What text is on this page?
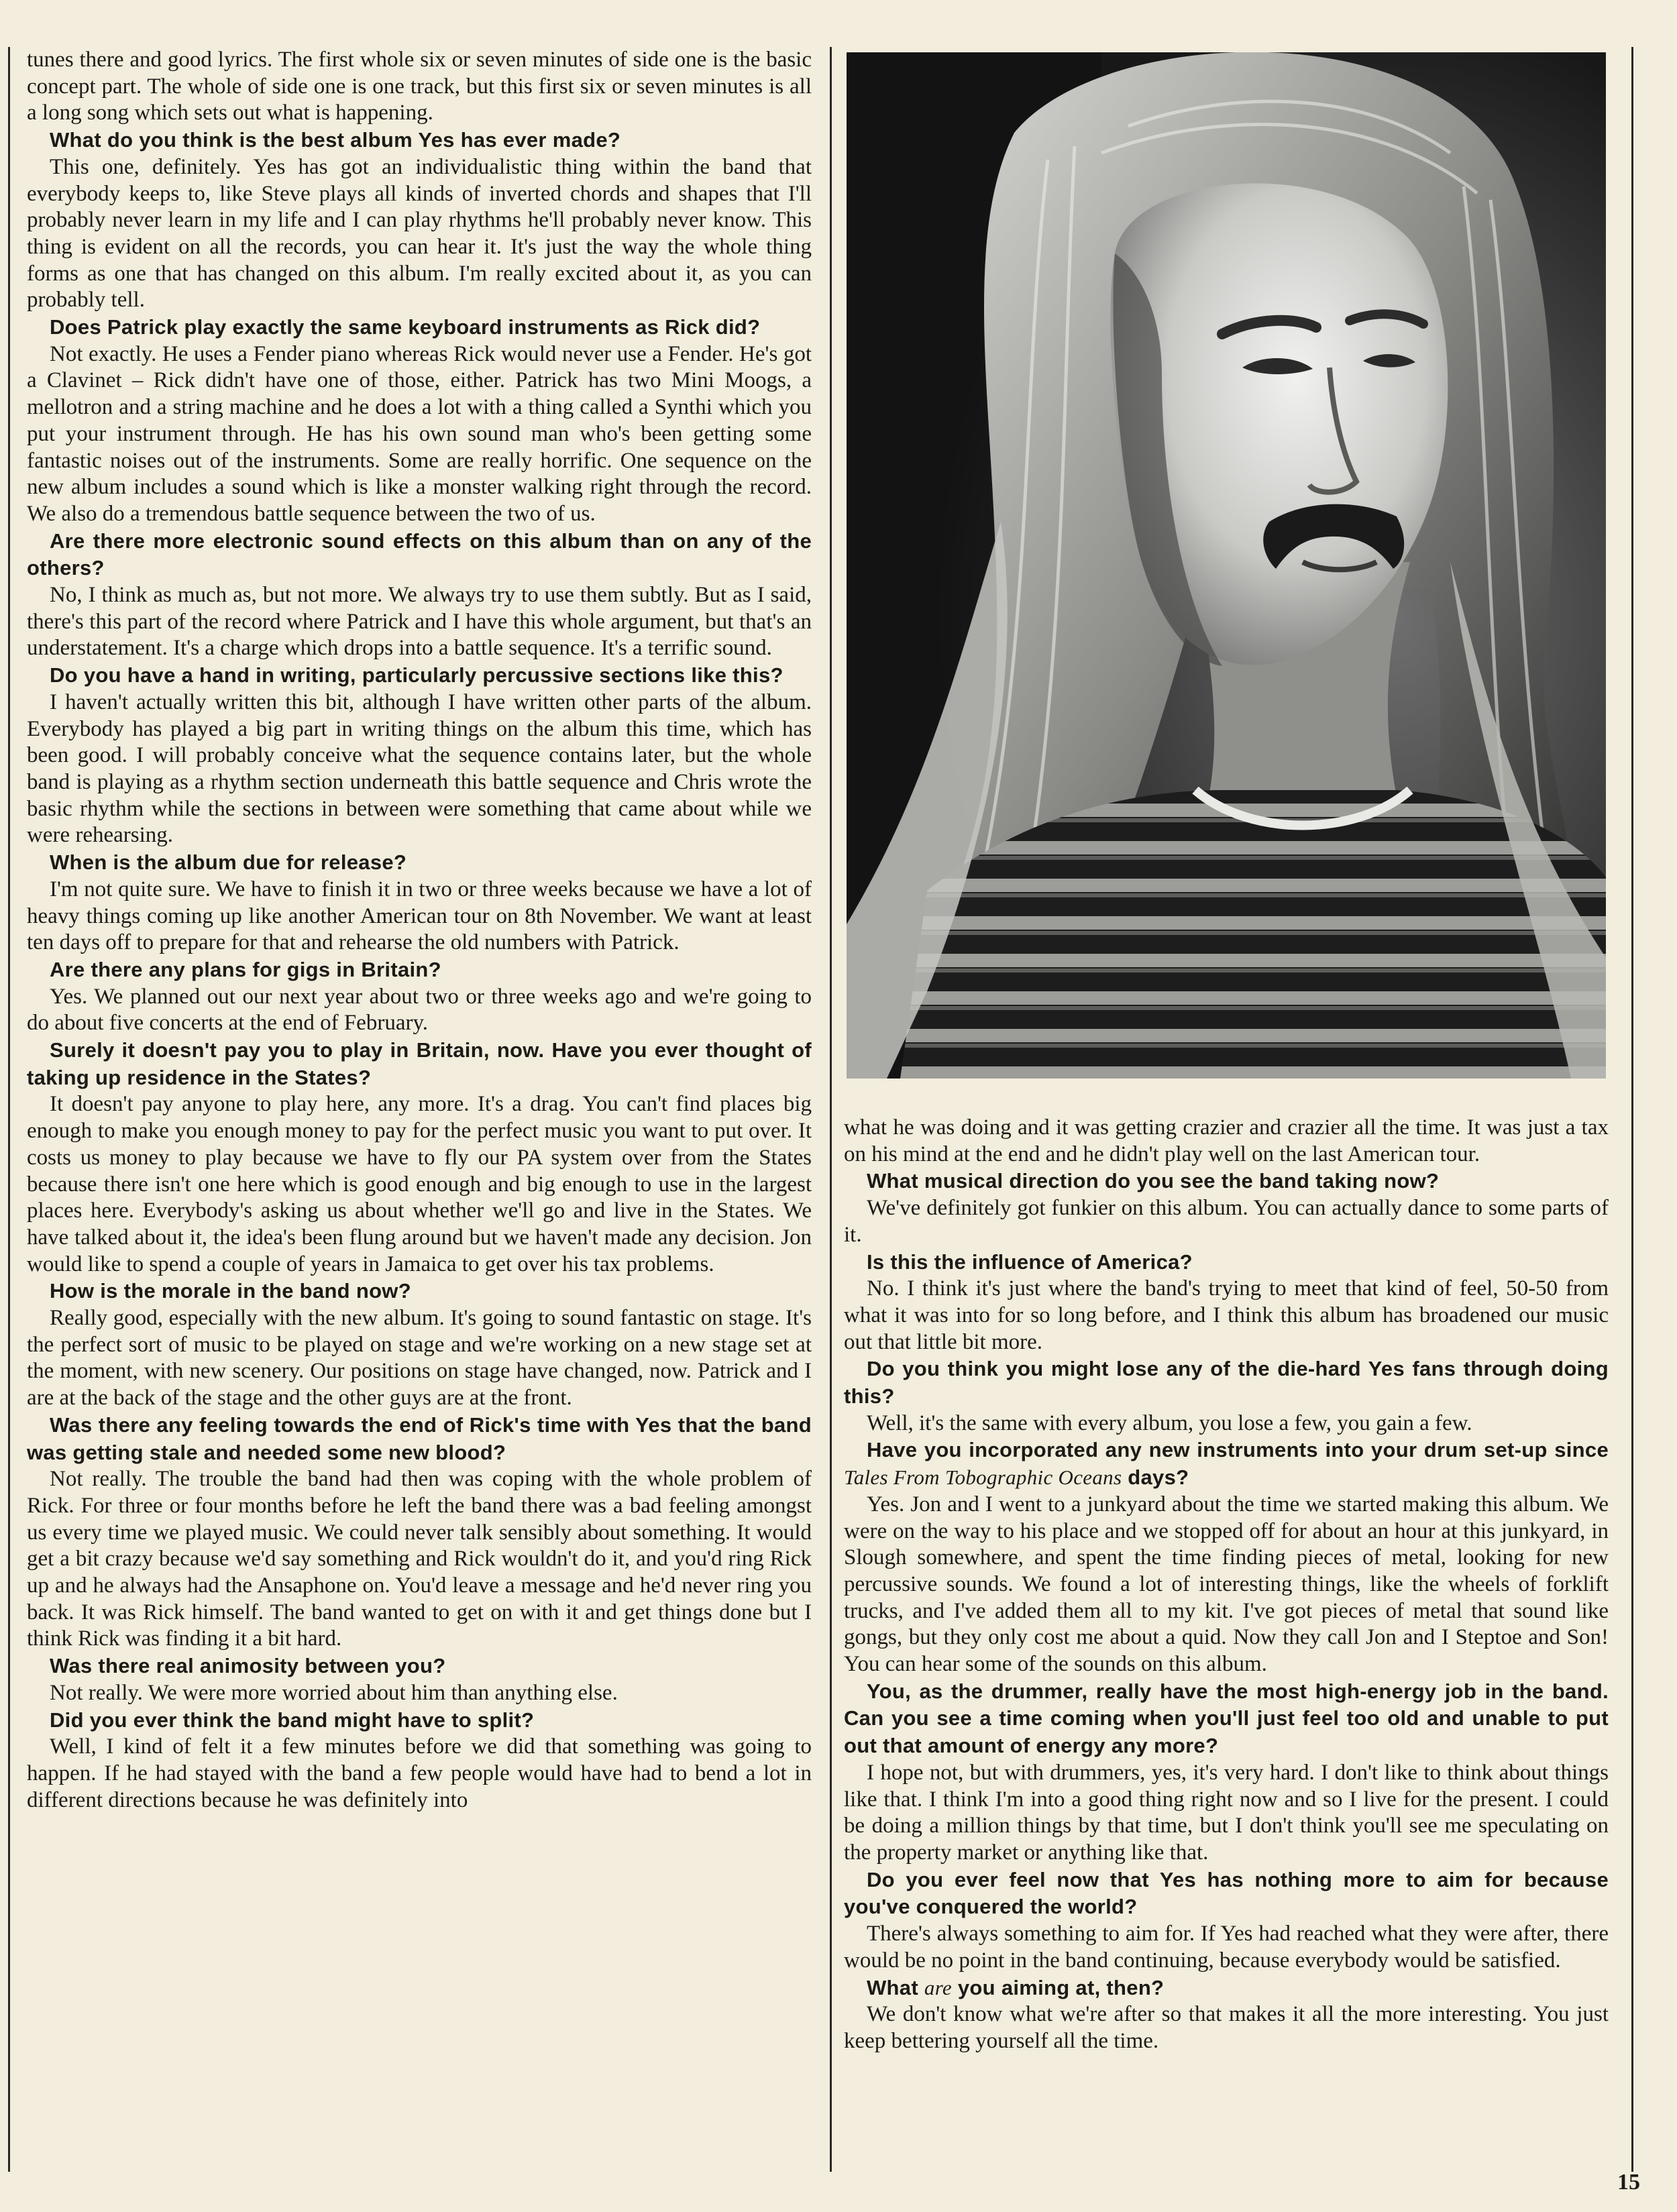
tunes there and good lyrics. The first whole six or seven minutes of side one is the basic concept part. The whole of side one is one track, but this first six or seven minutes is all a long song which sets out what is happening.

What do you think is the best album Yes has ever made?

This one, definitely. Yes has got an individualistic thing within the band that everybody keeps to, like Steve plays all kinds of inverted chords and shapes that I'll probably never learn in my life and I can play rhythms he'll probably never know. This thing is evident on all the records, you can hear it. It's just the way the whole thing forms as one that has changed on this album. I'm really excited about it, as you can probably tell.

Does Patrick play exactly the same keyboard instruments as Rick did?

Not exactly. He uses a Fender piano whereas Rick would never use a Fender. He's got a Clavinet – Rick didn't have one of those, either. Patrick has two Mini Moogs, a mellotron and a string machine and he does a lot with a thing called a Synthi which you put your instrument through. He has his own sound man who's been getting some fantastic noises out of the instruments. Some are really horrific. One sequence on the new album includes a sound which is like a monster walking right through the record. We also do a tremendous battle sequence between the two of us.

Are there more electronic sound effects on this album than on any of the others?

No, I think as much as, but not more. We always try to use them subtly. But as I said, there's this part of the record where Patrick and I have this whole argument, but that's an understatement. It's a charge which drops into a battle sequence. It's a terrific sound.

Do you have a hand in writing, particularly percussive sections like this?

I haven't actually written this bit, although I have written other parts of the album. Everybody has played a big part in writing things on the album this time, which has been good. I will probably conceive what the sequence contains later, but the whole band is playing as a rhythm section underneath this battle sequence and Chris wrote the basic rhythm while the sections in between were something that came about while we were rehearsing.

When is the album due for release?

I'm not quite sure. We have to finish it in two or three weeks because we have a lot of heavy things coming up like another American tour on 8th November. We want at least ten days off to prepare for that and rehearse the old numbers with Patrick.

Are there any plans for gigs in Britain?

Yes. We planned out our next year about two or three weeks ago and we're going to do about five concerts at the end of February.

Surely it doesn't pay you to play in Britain, now. Have you ever thought of taking up residence in the States?

It doesn't pay anyone to play here, any more. It's a drag. You can't find places big enough to make you enough money to pay for the perfect music you want to put over. It costs us money to play because we have to fly our PA system over from the States because there isn't one here which is good enough and big enough to use in the largest places here. Everybody's asking us about whether we'll go and live in the States. We have talked about it, the idea's been flung around but we haven't made any decision. Jon would like to spend a couple of years in Jamaica to get over his tax problems.

How is the morale in the band now?

Really good, especially with the new album. It's going to sound fantastic on stage. It's the perfect sort of music to be played on stage and we're working on a new stage set at the moment, with new scenery. Our positions on stage have changed, now. Patrick and I are at the back of the stage and the other guys are at the front.

Was there any feeling towards the end of Rick's time with Yes that the band was getting stale and needed some new blood?

Not really. The trouble the band had then was coping with the whole problem of Rick. For three or four months before he left the band there was a bad feeling amongst us every time we played music. We could never talk sensibly about something. It would get a bit crazy because we'd say something and Rick wouldn't do it, and you'd ring Rick up and he always had the Ansaphone on. You'd leave a message and he'd never ring you back. It was Rick himself. The band wanted to get on with it and get things done but I think Rick was finding it a bit hard.

Was there real animosity between you?

Not really. We were more worried about him than anything else.

Did you ever think the band might have to split?

Well, I kind of felt it a few minutes before we did that something was going to happen. If he had stayed with the band a few people would have had to bend a lot in different directions because he was definitely into

what he was doing and it was getting crazier and crazier all the time. It was just a tax on his mind at the end and he didn't play well on the last American tour.

What musical direction do you see the band taking now?

We've definitely got funkier on this album. You can actually dance to some parts of it.

Is this the influence of America?

No. I think it's just where the band's trying to meet that kind of feel, 50-50 from what it was into for so long before, and I think this album has broadened our music out that little bit more.

Do you think you might lose any of the die-hard Yes fans through doing this?

Well, it's the same with every album, you lose a few, you gain a few.

Have you incorporated any new instruments into your drum set-up since Tales From Tobographic Oceans days?

Yes. Jon and I went to a junkyard about the time we started making this album. We were on the way to his place and we stopped off for about an hour at this junkyard, in Slough somewhere, and spent the time finding pieces of metal, looking for new percussive sounds. We found a lot of interesting things, like the wheels of forklift trucks, and I've added them all to my kit. I've got pieces of metal that sound like gongs, but they only cost me about a quid. Now they call Jon and I Steptoe and Son! You can hear some of the sounds on this album.

You, as the drummer, really have the most high-energy job in the band. Can you see a time coming when you'll just feel too old and unable to put out that amount of energy any more?

I hope not, but with drummers, yes, it's very hard. I don't like to think about things like that. I think I'm into a good thing right now and so I live for the present. I could be doing a million things by that time, but I don't think you'll see me speculating on the property market or anything like that.

Do you ever feel now that Yes has nothing more to aim for because you've conquered the world?

There's always something to aim for. If Yes had reached what they were after, there would be no point in the band continuing, because everybody would be satisfied.

What are you aiming at, then?

We don't know what we're after so that makes it all the more interesting. You just keep bettering yourself all the time.

15
